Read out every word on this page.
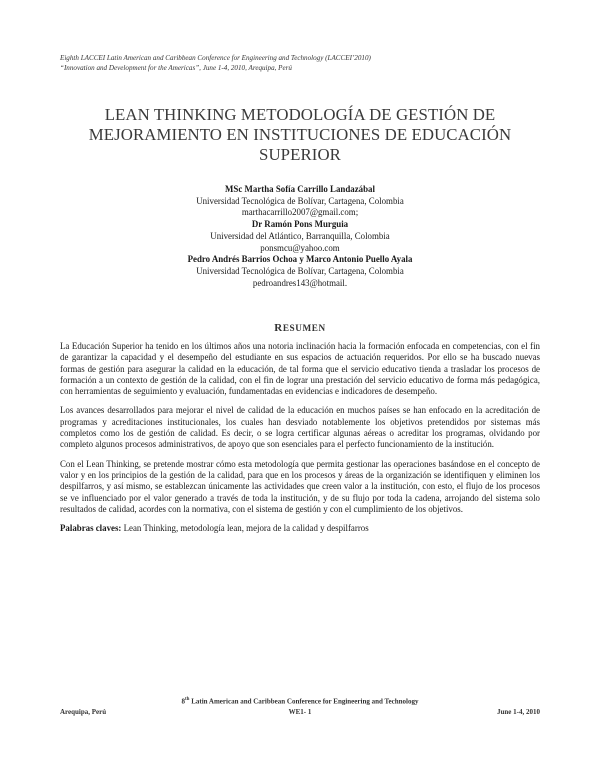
Eighth LACCEI Latin American and Caribbean Conference for Engineering and Technology (LACCEI’2010)
“Innovation and Development for the Americas”, June 1-4, 2010, Arequipa, Perú
LEAN THINKING METODOLOGÍA DE GESTIÓN DE
MEJORAMIENTO EN INSTITUCIONES DE EDUCACIÓN
SUPERIOR
MSc Martha Sofía Carrillo Landazábal
Universidad Tecnológica de Bolívar, Cartagena, Colombia
marthacarrillo2007@gmail.com;
Dr Ramón Pons Murguia
Universidad del Atlántico, Barranquilla, Colombia
ponsmcu@yahoo.com
Pedro Andrés Barrios Ochoa y Marco Antonio Puello Ayala
Universidad Tecnológica de Bolívar, Cartagena, Colombia
pedroandres143@hotmail.
RESUMEN

La Educación Superior ha tenido en los últimos años una notoria inclinación hacia la formación enfocada en competencias, con el fin de garantizar la capacidad y el desempeño del estudiante en sus espacios de actuación requeridos. Por ello se ha buscado nuevas formas de gestión para asegurar la calidad en la educación, de tal forma que el servicio educativo tienda a trasladar los procesos de formación a un contexto de gestión de la calidad, con el fin de lograr una prestación del servicio educativo de forma más pedagógica, con herramientas de seguimiento y evaluación, fundamentadas en evidencias e indicadores de desempeño.

Los avances desarrollados para mejorar el nivel de calidad de la educación en muchos países se han enfocado en la acreditación de programas y acreditaciones institucionales, los cuales han desviado notablemente los objetivos pretendidos por sistemas más completos como los de gestión de calidad. Es decir, o se logra certificar algunas aéreas o acreditar los programas, olvidando por completo algunos procesos administrativos, de apoyo que son esenciales para el perfecto funcionamiento de la institución.

Con el Lean Thinking, se pretende mostrar cómo esta metodología que permita gestionar las operaciones basándose en el concepto de valor y en los principios de la gestión de la calidad, para que en los procesos y áreas de la organización se identifiquen y eliminen los despilfarros, y así mismo, se establezcan únicamente las actividades que creen valor a la institución, con esto, el flujo de los procesos se ve influenciado por el valor generado a través de toda la institución, y de su flujo por toda la cadena, arrojando del sistema solo resultados de calidad, acordes con la normativa, con el sistema de gestión y con el cumplimiento de los objetivos.

Palabras claves: Lean Thinking, metodología lean, mejora de la calidad y despilfarros

8th Latin American and Caribbean Conference for Engineering and Technology
WE1- 1
Arequipa, Perú	June 1-4, 2010
